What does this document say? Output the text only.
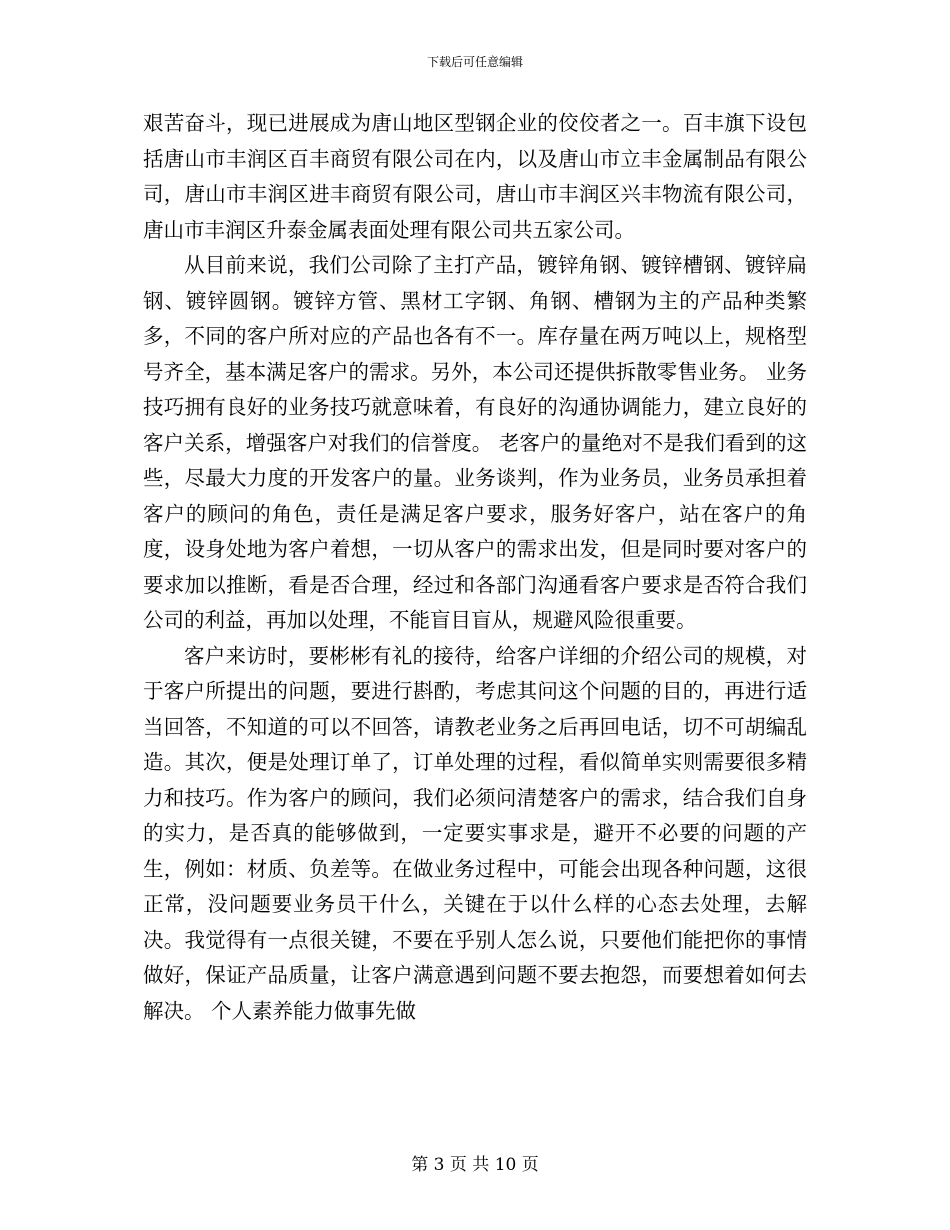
下载后可任意编辑

艰苦奋斗，现已进展成为唐山地区型钢企业的佼佼者之一。百丰旗下设包括唐山市丰润区百丰商贸有限公司在内，以及唐山市立丰金属制品有限公司，唐山市丰润区进丰商贸有限公司，唐山市丰润区兴丰物流有限公司，唐山市丰润区升泰金属表面处理有限公司共五家公司。

从目前来说，我们公司除了主打产品，镀锌角钢、镀锌槽钢、镀锌扁钢、镀锌圆钢。镀锌方管、黑材工字钢、角钢、槽钢为主的产品种类繁多，不同的客户所对应的产品也各有不一。库存量在两万吨以上，规格型号齐全，基本满足客户的需求。另外，本公司还提供拆散零售业务。 业务技巧拥有良好的业务技巧就意味着，有良好的沟通协调能力，建立良好的客户关系，增强客户对我们的信誉度。 老客户的量绝对不是我们看到的这些，尽最大力度的开发客户的量。业务谈判，作为业务员，业务员承担着客户的顾问的角色，责任是满足客户要求，服务好客户，站在客户的角度，设身处地为客户着想，一切从客户的需求出发，但是同时要对客户的要求加以推断，看是否合理，经过和各部门沟通看客户要求是否符合我们公司的利益，再加以处理，不能盲目盲从，规避风险很重要。

客户来访时，要彬彬有礼的接待，给客户详细的介绍公司的规模，对于客户所提出的问题，要进行斟酌，考虑其问这个问题的目的，再进行适当回答，不知道的可以不回答，请教老业务之后再回电话，切不可胡编乱造。其次，便是处理订单了，订单处理的过程，看似简单实则需要很多精力和技巧。作为客户的顾问，我们必须问清楚客户的需求，结合我们自身的实力，是否真的能够做到，一定要实事求是，避开不必要的问题的产生，例如：材质、负差等。在做业务过程中，可能会出现各种问题，这很正常，没问题要业务员干什么，关键在于以什么样的心态去处理，去解决。我觉得有一点很关键，不要在乎别人怎么说，只要他们能把你的事情做好，保证产品质量，让客户满意遇到问题不要去抱怨，而要想着如何去解决。 个人素养能力做事先做

第 3 页 共 10 页
